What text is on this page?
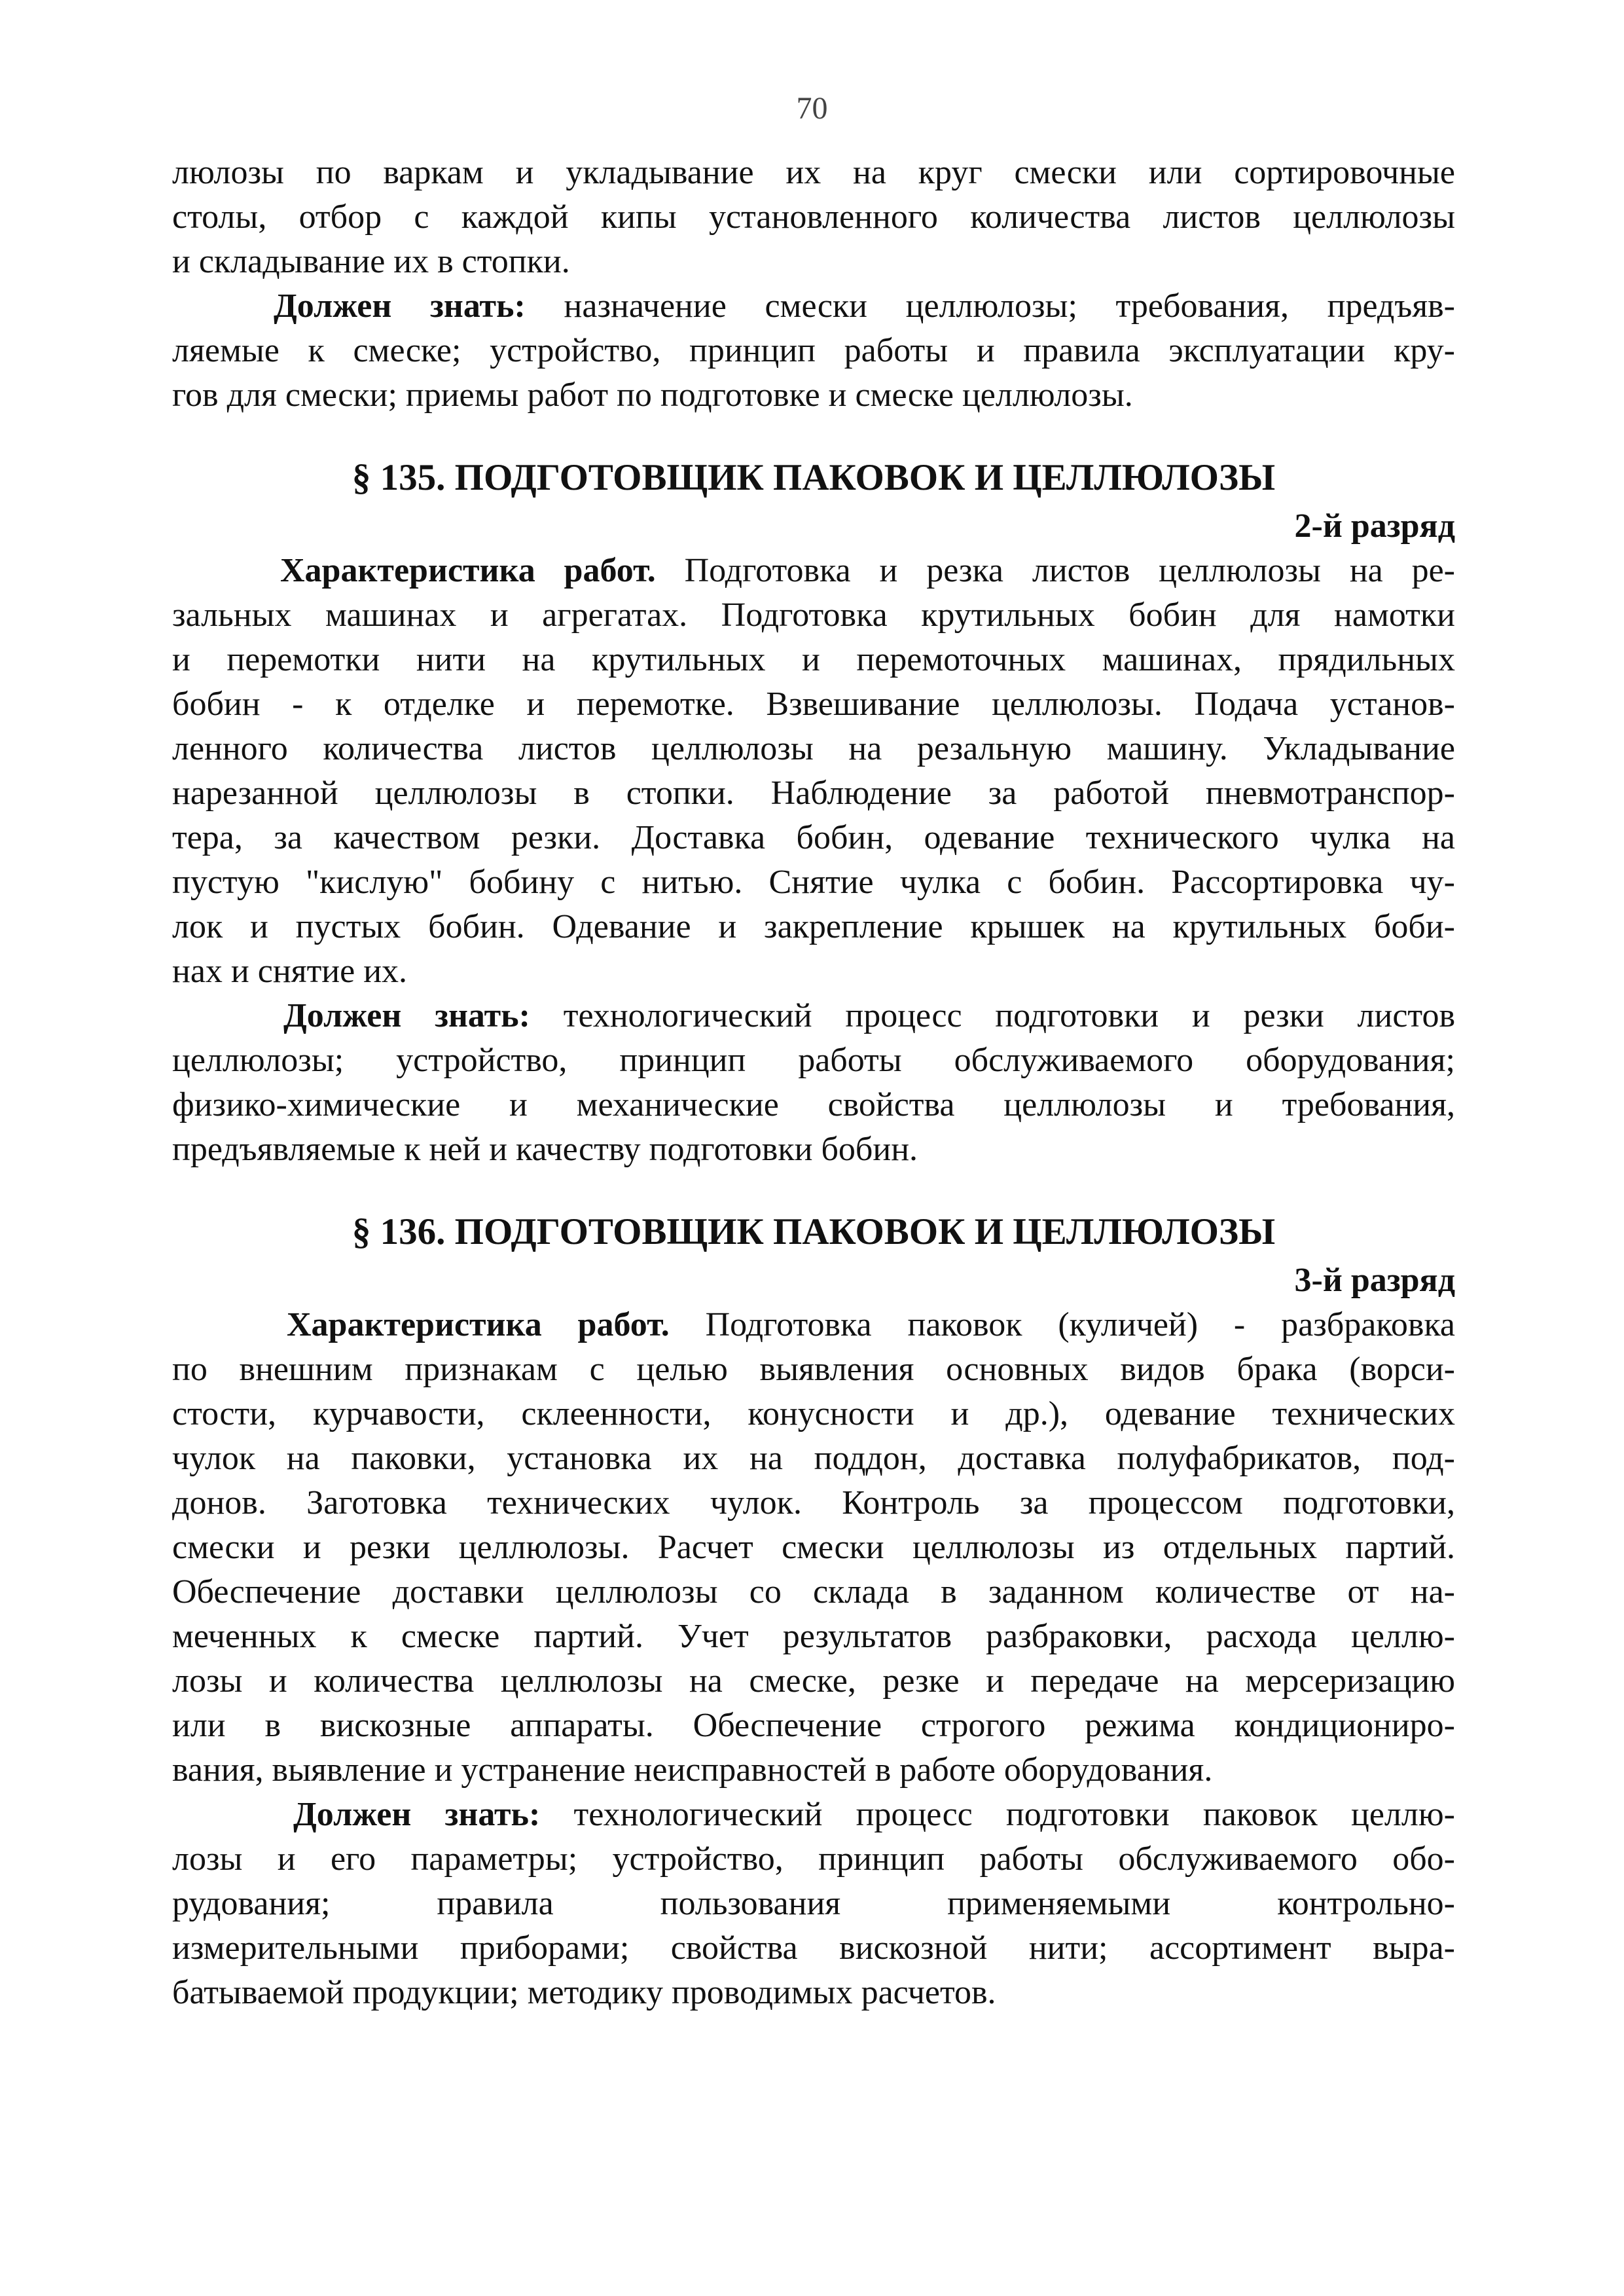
70

люлозы по варкам и укладывание их на круг смески или сортировочные

столы, отбор с каждой кипы установленного количества листов целлюлозы

и складывание их в стопки.

Должен знать: назначение смески целлюлозы; требования, предъяв-

ляемые к смеске; устройство, принцип работы и правила эксплуатации кру-

гов для смески; приемы работ по подготовке и смеске целлюлозы.

§ 135. ПОДГОТОВЩИК ПАКОВОК И ЦЕЛЛЮЛОЗЫ

2-й разряд

Характеристика работ. Подготовка и резка листов целлюлозы на ре-

зальных машинах и агрегатах. Подготовка крутильных бобин для намотки

и перемотки нити на крутильных и перемоточных машинах, прядильных

бобин - к отделке и перемотке. Взвешивание целлюлозы. Подача установ-

ленного количества листов целлюлозы на резальную машину. Укладывание

нарезанной целлюлозы в стопки. Наблюдение за работой пневмотранспор-

тера, за качеством резки. Доставка бобин, одевание технического чулка на

пустую "кислую" бобину с нитью. Снятие чулка с бобин. Рассортировка чу-

лок и пустых бобин. Одевание и закрепление крышек на крутильных боби-

нах и снятие их.

Должен знать: технологический процесс подготовки и резки листов

целлюлозы; устройство, принцип работы обслуживаемого оборудования;

физико-химические и механические свойства целлюлозы и требования,

предъявляемые к ней и качеству подготовки бобин.

§ 136. ПОДГОТОВЩИК ПАКОВОК И ЦЕЛЛЮЛОЗЫ

3-й разряд

Характеристика работ. Подготовка паковок (куличей) - разбраковка

по внешним признакам с целью выявления основных видов брака (ворси-

стости, курчавости, склеенности, конусности и др.), одевание технических

чулок на паковки, установка их на поддон, доставка полуфабрикатов, под-

донов. Заготовка технических чулок. Контроль за процессом подготовки,

смески и резки целлюлозы. Расчет смески целлюлозы из отдельных партий.

Обеспечение доставки целлюлозы со склада в заданном количестве от на-

меченных к смеске партий. Учет результатов разбраковки, расхода целлю-

лозы и количества целлюлозы на смеске, резке и передаче на мерсеризацию

или в вискозные аппараты. Обеспечение строгого режима кондициониро-

вания, выявление и устранение неисправностей в работе оборудования.

Должен знать: технологический процесс подготовки паковок целлю-

лозы и его параметры; устройство, принцип работы обслуживаемого обо-

рудования; правила пользования применяемыми контрольно-

измерительными приборами; свойства вискозной нити; ассортимент выра-

батываемой продукции; методику проводимых расчетов.
